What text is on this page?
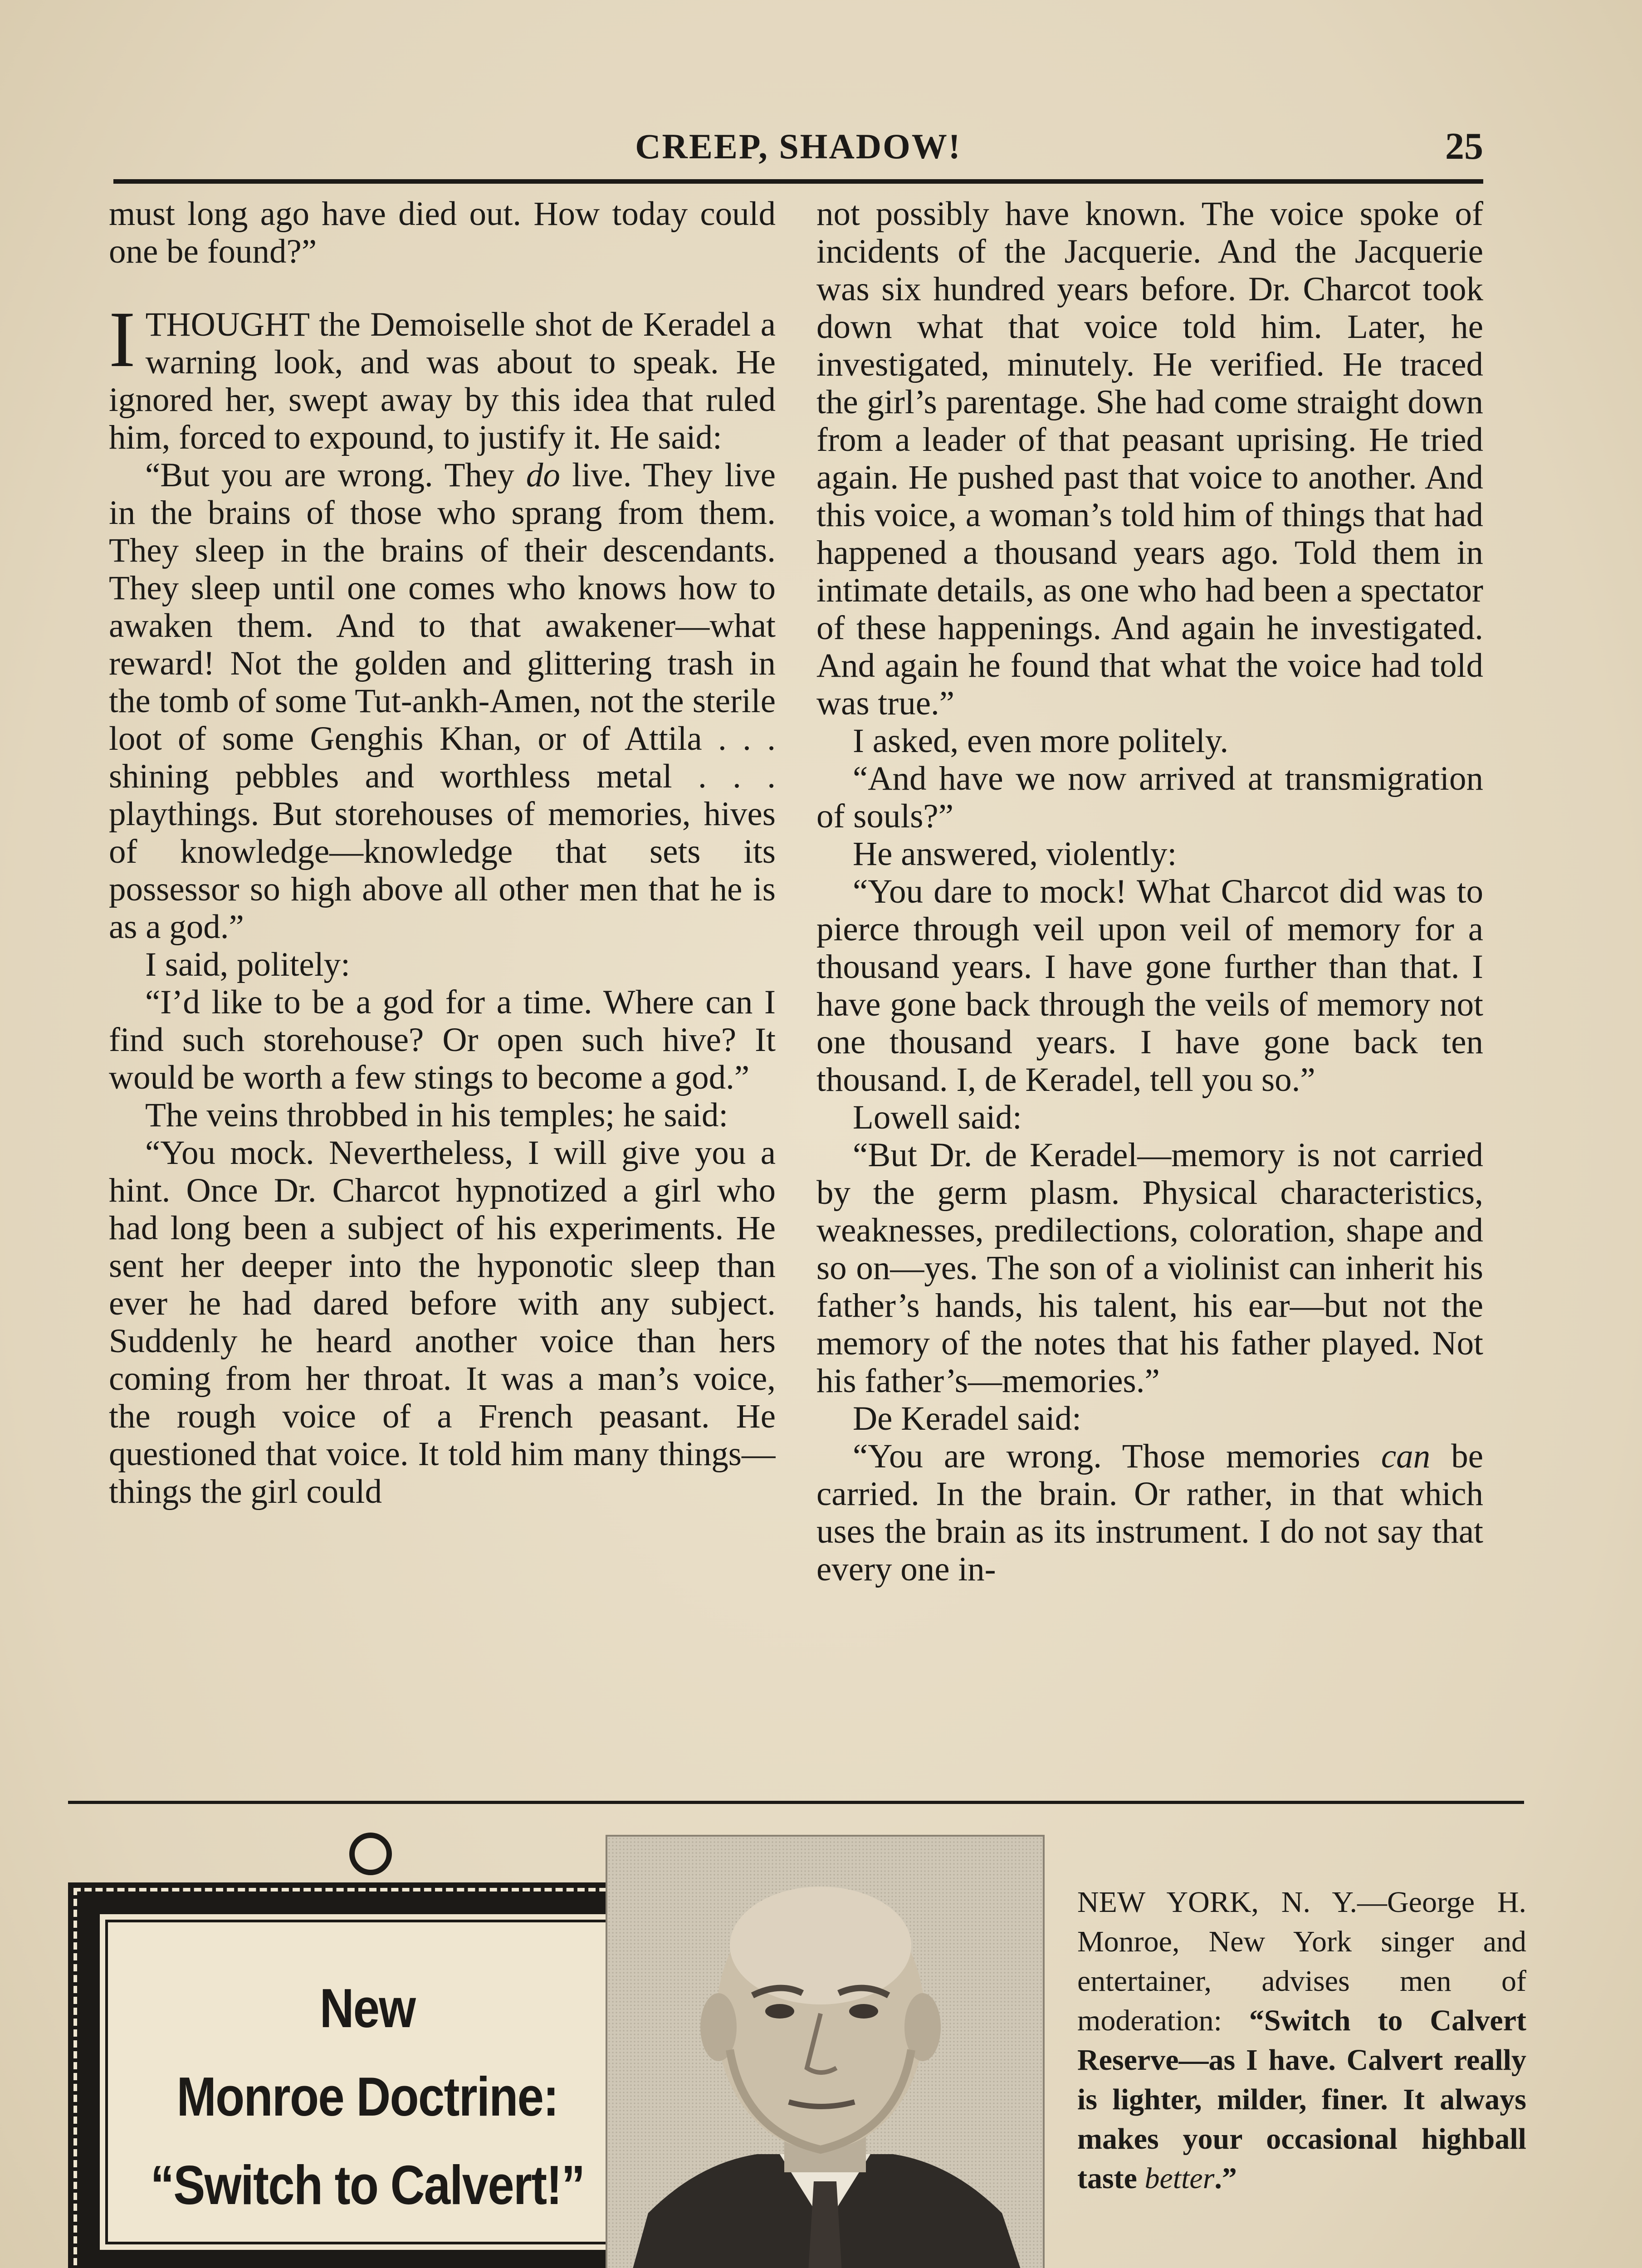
CREEP, SHADOW!	25

must long ago have died out. How today could one be found?”

ITHOUGHT the Demoiselle shot de Keradel a warning look, and was about to speak. He ignored her, swept away by this idea that ruled him, forced to expound, to justify it. He said:

“But you are wrong. They do live. They live in the brains of those who sprang from them. They sleep in the brains of their descendants. They sleep until one comes who knows how to awaken them. And to that awakener—what reward! Not the golden and glittering trash in the tomb of some Tut-ankh-Amen, not the sterile loot of some Genghis Khan, or of Attila . . . shining pebbles and worthless metal . . . playthings. But storehouses of memories, hives of knowledge—knowledge that sets its possessor so high above all other men that he is as a god.”

I said, politely:

“I’d like to be a god for a time. Where can I find such storehouse? Or open such hive? It would be worth a few stings to become a god.”

The veins throbbed in his temples; he said:

“You mock. Nevertheless, I will give you a hint. Once Dr. Charcot hypnotized a girl who had long been a subject of his experiments. He sent her deeper into the hyponotic sleep than ever he had dared before with any subject. Suddenly he heard another voice than hers coming from her throat. It was a man’s voice, the rough voice of a French peasant. He questioned that voice. It told him many things—things the girl could

not possibly have known. The voice spoke of incidents of the Jacquerie. And the Jacquerie was six hundred years before. Dr. Charcot took down what that voice told him. Later, he investigated, minutely. He verified. He traced the girl’s parentage. She had come straight down from a leader of that peasant uprising. He tried again. He pushed past that voice to another. And this voice, a woman’s told him of things that had happened a thousand years ago. Told them in intimate details, as one who had been a spectator of these happenings. And again he investigated. And again he found that what the voice had told was true.”

I asked, even more politely.

“And have we now arrived at transmigration of souls?”

He answered, violently:

“You dare to mock! What Charcot did was to pierce through veil upon veil of memory for a thousand years. I have gone further than that. I have gone back through the veils of memory not one thousand years. I have gone back ten thousand. I, de Keradel, tell you so.”

Lowell said:

“But Dr. de Keradel—memory is not carried by the germ plasm. Physical characteristics, weaknesses, predilections, coloration, shape and so on—yes. The son of a violinist can inherit his father’s hands, his talent, his ear—but not the memory of the notes that his father played. Not his father’s—memories.”

De Keradel said:

“You are wrong. Those memories can be carried. In the brain. Or rather, in that which uses the brain as its instrument. I do not say that every one in-

New
Monroe Doctrine:
“Switch to Calvert!”
NEW YORK, N. Y.—George H. Monroe, New York singer and entertainer, advises men of moderation: “Switch to Calvert Reserve—as I have. Calvert really is lighter, milder, finer. It always makes your occasional highball taste better.”
